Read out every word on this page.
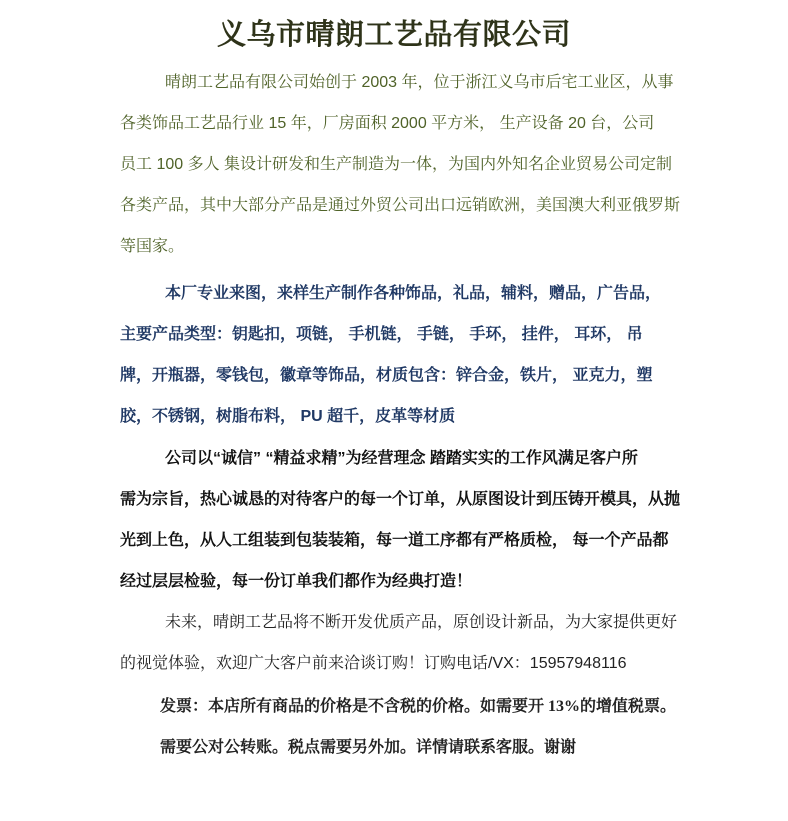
义乌市晴朗工艺品有限公司
晴朗工艺品有限公司始创于 2003 年，位于浙江义乌市后宅工业区，从事
各类饰品工艺品行业 15 年，厂房面积 2000 平方米， 生产设备 20 台，公司
员工 100 多人 集设计研发和生产制造为一体，为国内外知名企业贸易公司定制
各类产品，其中大部分产品是通过外贸公司出口远销欧洲，美国澳大利亚俄罗斯
等国家。
本厂专业来图，来样生产制作各种饰品，礼品，辅料，赠品，广告品，
主要产品类型：钥匙扣，项链， 手机链， 手链， 手环， 挂件， 耳环， 吊
牌，开瓶器，零钱包，徽章等饰品，材质包含：锌合金，铁片， 亚克力，塑
胶，不锈钢，树脂布料， PU 超千，皮革等材质
公司以“诚信” “精益求精”为经营理念 踏踏实实的工作风满足客户所
需为宗旨，热心诚恳的对待客户的每一个订单，从原图设计到压铸开模具，从抛
光到上色，从人工组装到包装装箱，每一道工序都有严格质检， 每一个产品都
经过层层检验，每一份订单我们都作为经典打造！
未来，晴朗工艺品将不断开发优质产品，原创设计新品，为大家提供更好
的视觉体验，欢迎广大客户前来洽谈订购！订购电话/VX：15957948116
发票：本店所有商品的价格是不含税的价格。如需要开 13%的增值税票。
需要公对公转账。税点需要另外加。详情请联系客服。谢谢
